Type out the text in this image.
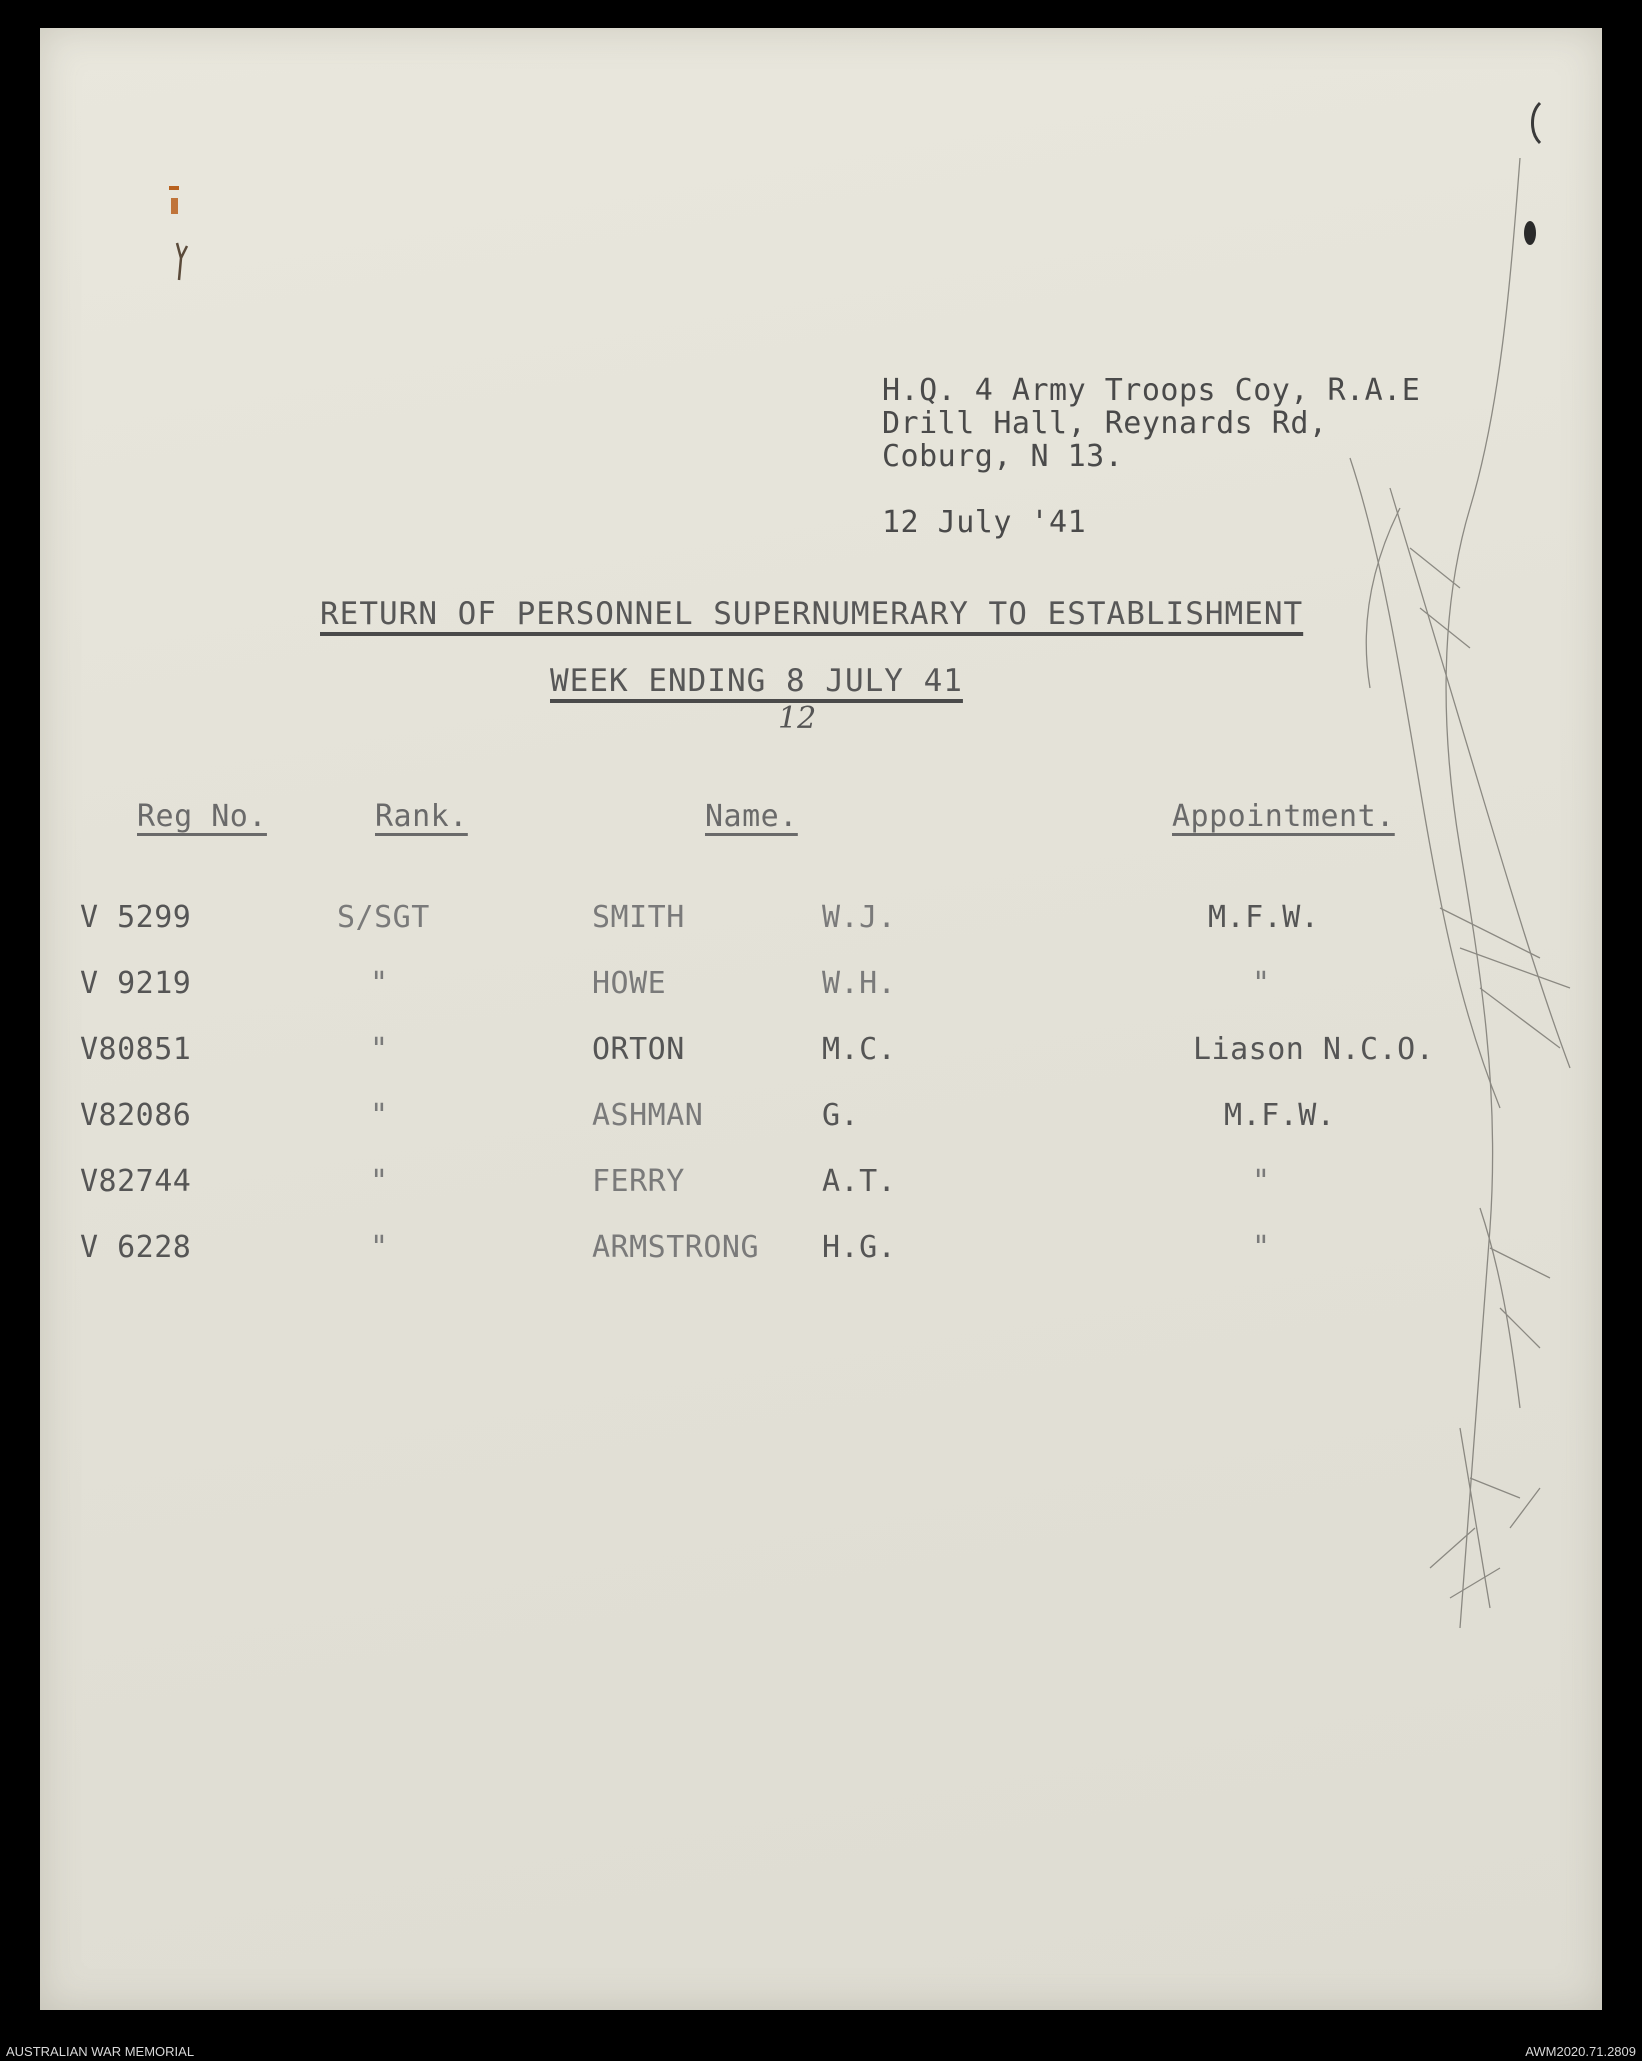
H.Q. 4 Army Troops Coy, R.A.E
Drill Hall, Reynards Rd,
Coburg, N 13.
12 July '41
RETURN OF PERSONNEL SUPERNUMERARY TO ESTABLISHMENT
WEEK ENDING 8 JULY 41
12
Reg No.	Rank.	Name.	Appointment.
V 5299	S/SGT	SMITH	W.J.	M.F.W.
V 9219	"	HOWE	W.H.	"
V80851	"	ORTON	M.C.	Liason N.C.O.
V82086	"	ASHMAN	G.	M.F.W.
V82744	"	FERRY	A.T.	"
V 6228	"	ARMSTRONG H.G.	"
AUSTRALIAN WAR MEMORIAL	AWM2020.71.2809
